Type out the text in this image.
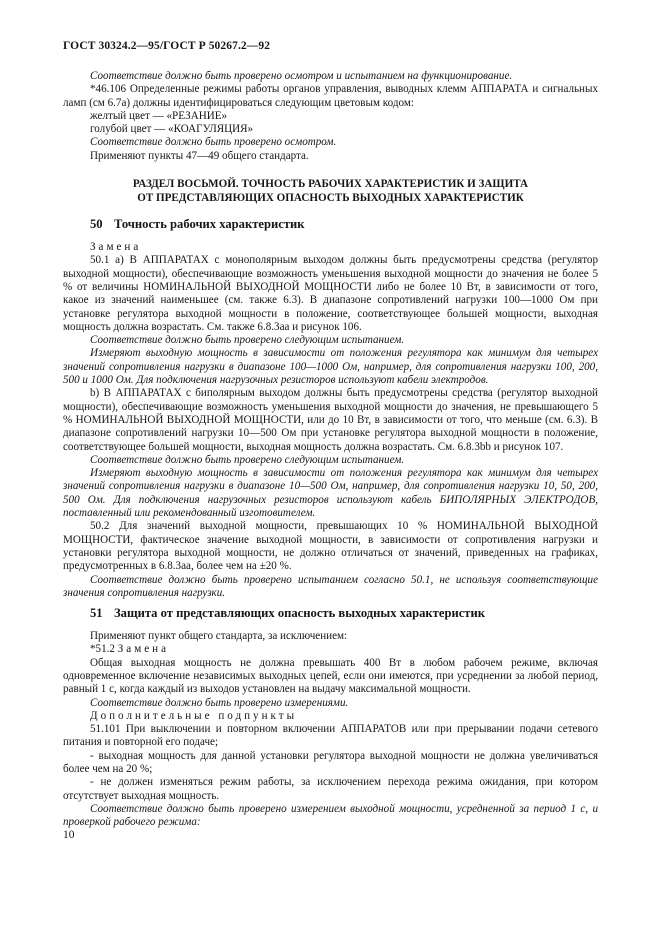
ГОСТ 30324.2—95/ГОСТ Р 50267.2—92

Соответствие должно быть проверено осмотром и испытанием на функционирование.

*46.106 Определенные режимы работы органов управления, выводных клемм АППАРАТА и сигнальных ламп (см 6.7а) должны идентифицироваться следующим цветовым кодом:

желтый цвет — «РЕЗАНИЕ»

голубой цвет — «КОАГУЛЯЦИЯ»

Соответствие должно быть проверено осмотром.

Применяют пункты 47—49 общего стандарта.

РАЗДЕЛ ВОСЬМОЙ. ТОЧНОСТЬ РАБОЧИХ ХАРАКТЕРИСТИК И ЗАЩИТА
ОТ ПРЕДСТАВЛЯЮЩИХ ОПАСНОСТЬ ВЫХОДНЫХ ХАРАКТЕРИСТИК

50 Точность рабочих характеристик

Замена

50.1 а) В АППАРАТАХ с монополярным выходом должны быть предусмотрены средства (регулятор выходной мощности), обеспечивающие возможность уменьшения выходной мощности до значения не более 5 % от величины НОМИНАЛЬНОЙ ВЫХОДНОЙ МОЩНОСТИ либо не более 10 Вт, в зависимости от того, какое из значений наименьшее (см. также 6.3). В диапазоне сопротивлений нагрузки 100—1000 Ом при установке регулятора выходной мощности в положение, соответствующее большей мощности, выходная мощность должна возрастать. См. также 6.8.3аа и рисунок 106.

Соответствие должно быть проверено следующим испытанием.

Измеряют выходную мощность в зависимости от положения регулятора как минимум для четырех значений сопротивления нагрузки в диапазоне 100—1000 Ом, например, для сопротивления нагрузки 100, 200, 500 и 1000 Ом. Для подключения нагрузочных резисторов используют кабели электродов.

b) В АППАРАТАХ с биполярным выходом должны быть предусмотрены средства (регулятор выходной мощности), обеспечивающие возможность уменьшения выходной мощности до значения, не превышающего 5 % НОМИНАЛЬНОЙ ВЫХОДНОЙ МОЩНОСТИ, или до 10 Вт, в зависимости от того, что меньше (см. 6.3). В диапазоне сопротивлений нагрузки 10—500 Ом при установке регулятора выходной мощности в положение, соответствующее большей мощности, выходная мощность должна возрастать. См. 6.8.3bb и рисунок 107.

Соответствие должно быть проверено следующим испытанием.

Измеряют выходную мощность в зависимости от положения регулятора как минимум для четырех значений сопротивления нагрузки в диапазоне 10—500 Ом, например, для сопротивления нагрузки 10, 50, 200, 500 Ом. Для подключения нагрузочных резисторов используют кабель БИПОЛЯРНЫХ ЭЛЕКТРОДОВ, поставленный или рекомендованный изготовителем.

50.2 Для значений выходной мощности, превышающих 10 % НОМИНАЛЬНОЙ ВЫХОДНОЙ МОЩНОСТИ, фактическое значение выходной мощности, в зависимости от сопротивления нагрузки и установки регулятора выходной мощности, не должно отличаться от значений, приведенных на графиках, предусмотренных в 6.8.3аа, более чем на ±20 %.

Соответствие должно быть проверено испытанием согласно 50.1, не используя соответствующие значения сопротивления нагрузки.

51 Защита от представляющих опасность выходных характеристик

Применяют пункт общего стандарта, за исключением:

*51.2 Замена

Общая выходная мощность не должна превышать 400 Вт в любом рабочем режиме, включая одновременное включение независимых выходных цепей, если они имеются, при усреднении за любой период, равный 1 с, когда каждый из выходов установлен на выдачу максимальной мощности.

Соответствие должно быть проверено измерениями.

Дополнительные подпункты

51.101 При выключении и повторном включении АППАРАТОВ или при прерывании подачи сетевого питания и повторной его подаче;

- выходная мощность для данной установки регулятора выходной мощности не должна увеличиваться более чем на 20 %;

- не должен изменяться режим работы, за исключением перехода режима ожидания, при котором отсутствует выходная мощность.

Соответствие должно быть проверено измерением выходной мощности, усредненной за период 1 с, и проверкой рабочего режима:

10
